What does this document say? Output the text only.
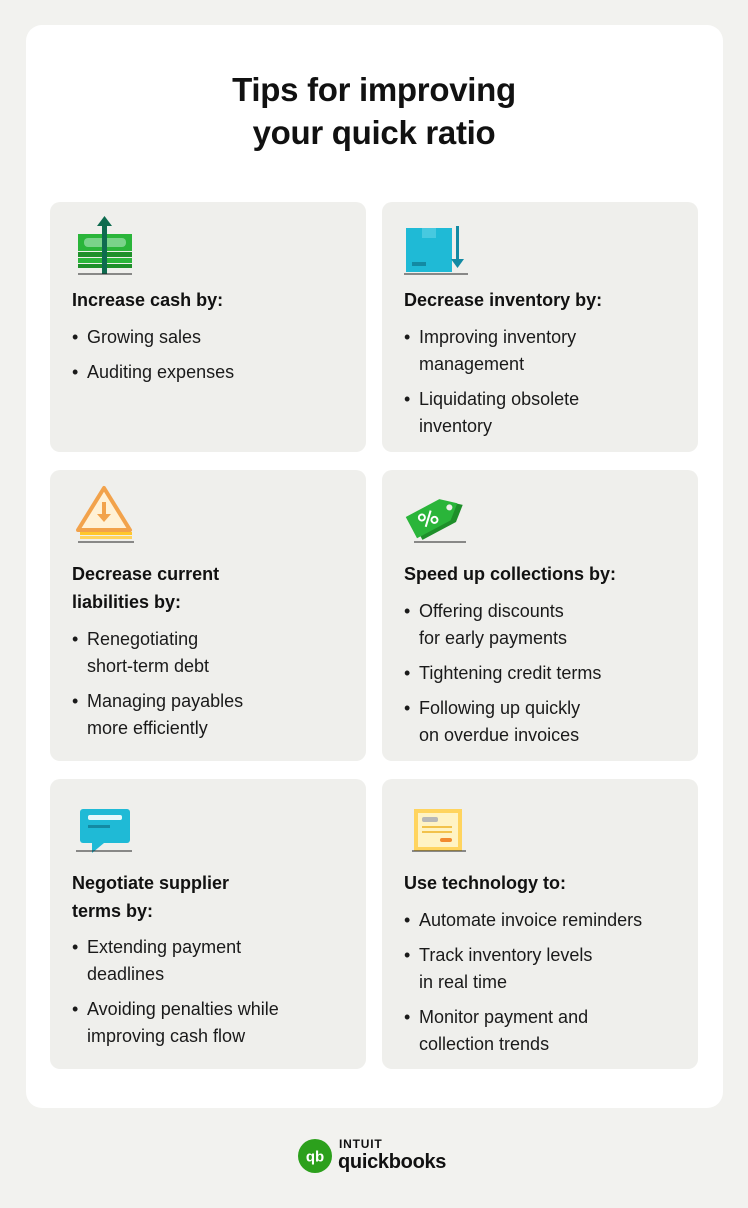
Tips for improving
your quick ratio

Increase cash by:

• Growing sales
• Auditing expenses

Decrease inventory by:

• Improving inventory
management
• Liquidating obsolete
inventory

Decrease current
liabilities by:

• Renegotiating
short-term debt
• Managing payables
more efficiently

Speed up collections by:

• Offering discounts
for early payments
• Tightening credit terms
• Following up quickly
on overdue invoices

Negotiate supplier
terms by:

• Extending payment
deadlines
• Avoiding penalties while
improving cash flow

Use technology to:

• Automate invoice reminders
• Track inventory levels
in real time
• Monitor payment and
collection trends
qb
INTUIT
quickbooks
